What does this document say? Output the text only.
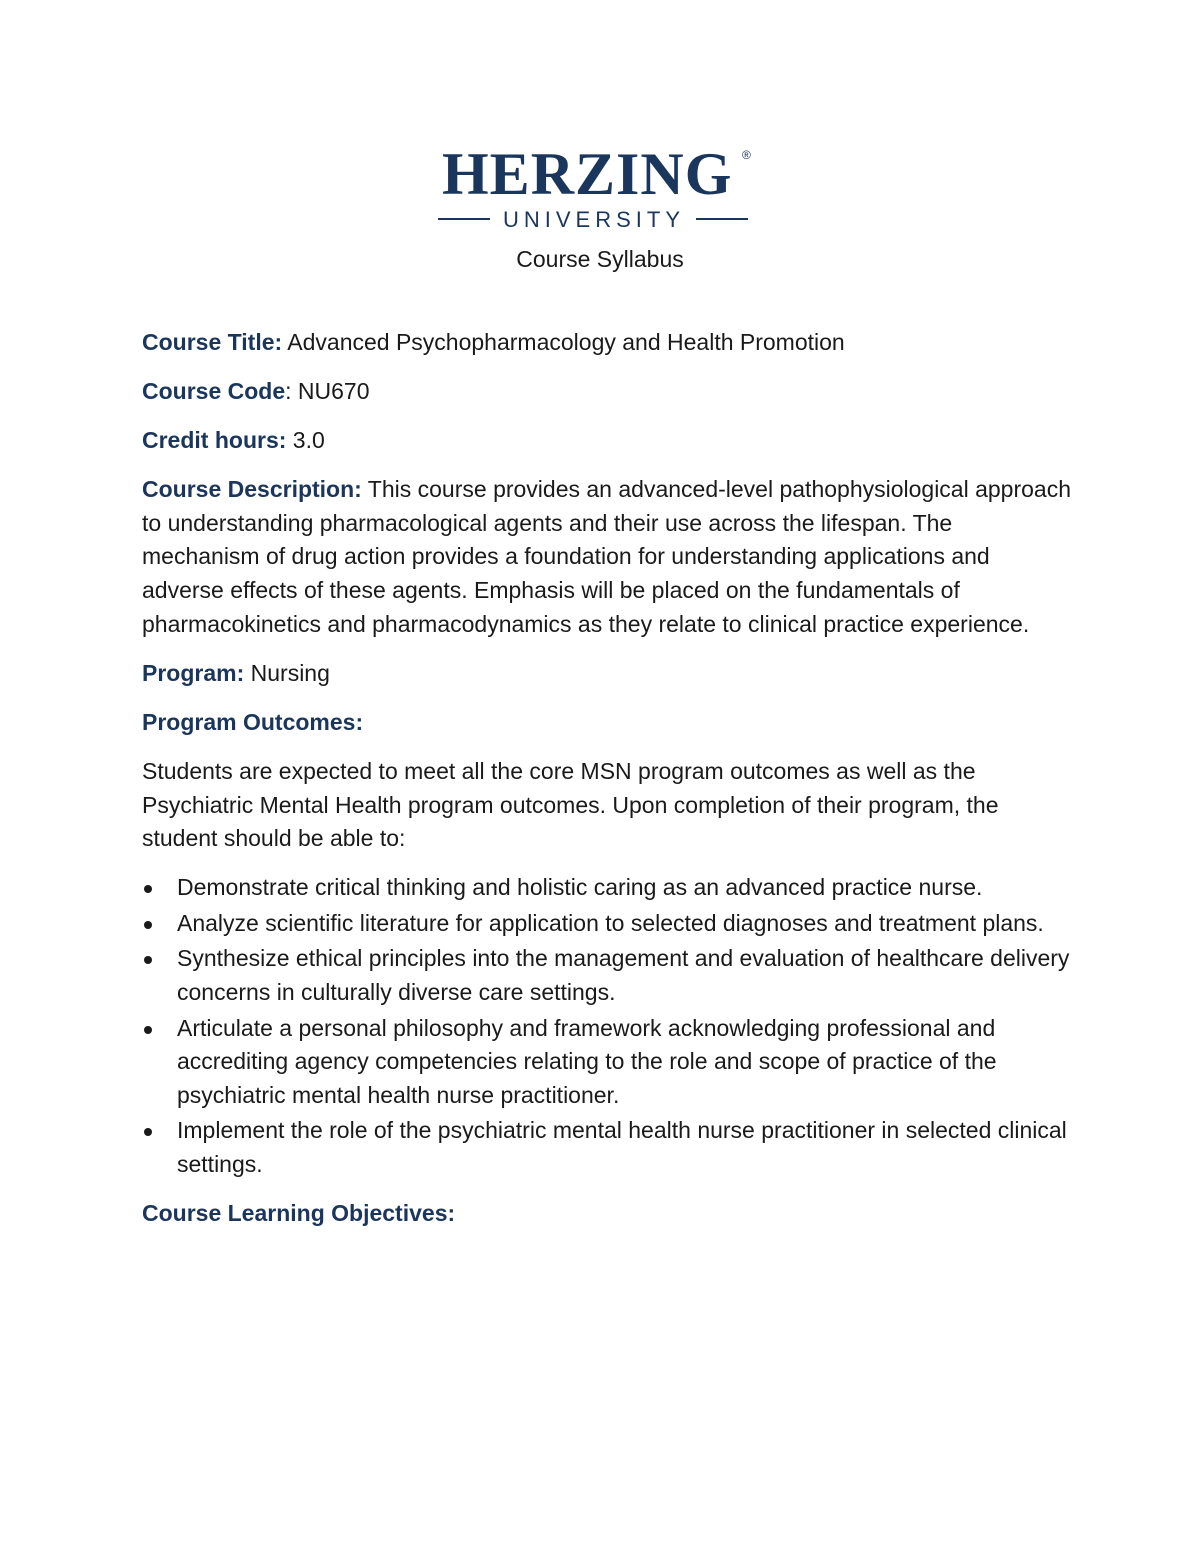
HERZING ®
UNIVERSITY
Course Syllabus

Course Title: Advanced Psychopharmacology and Health Promotion

Course Code: NU670

Credit hours: 3.0

Course Description: This course provides an advanced-level pathophysiological approach to understanding pharmacological agents and their use across the lifespan. The mechanism of drug action provides a foundation for understanding applications and adverse effects of these agents. Emphasis will be placed on the fundamentals of pharmacokinetics and pharmacodynamics as they relate to clinical practice experience.

Program: Nursing

Program Outcomes:

Students are expected to meet all the core MSN program outcomes as well as the Psychiatric Mental Health program outcomes. Upon completion of their program, the student should be able to:

Demonstrate critical thinking and holistic caring as an advanced practice nurse.
Analyze scientific literature for application to selected diagnoses and treatment plans.
Synthesize ethical principles into the management and evaluation of healthcare delivery concerns in culturally diverse care settings.
Articulate a personal philosophy and framework acknowledging professional and accrediting agency competencies relating to the role and scope of practice of the psychiatric mental health nurse practitioner.
Implement the role of the psychiatric mental health nurse practitioner in selected clinical settings.

Course Learning Objectives:
